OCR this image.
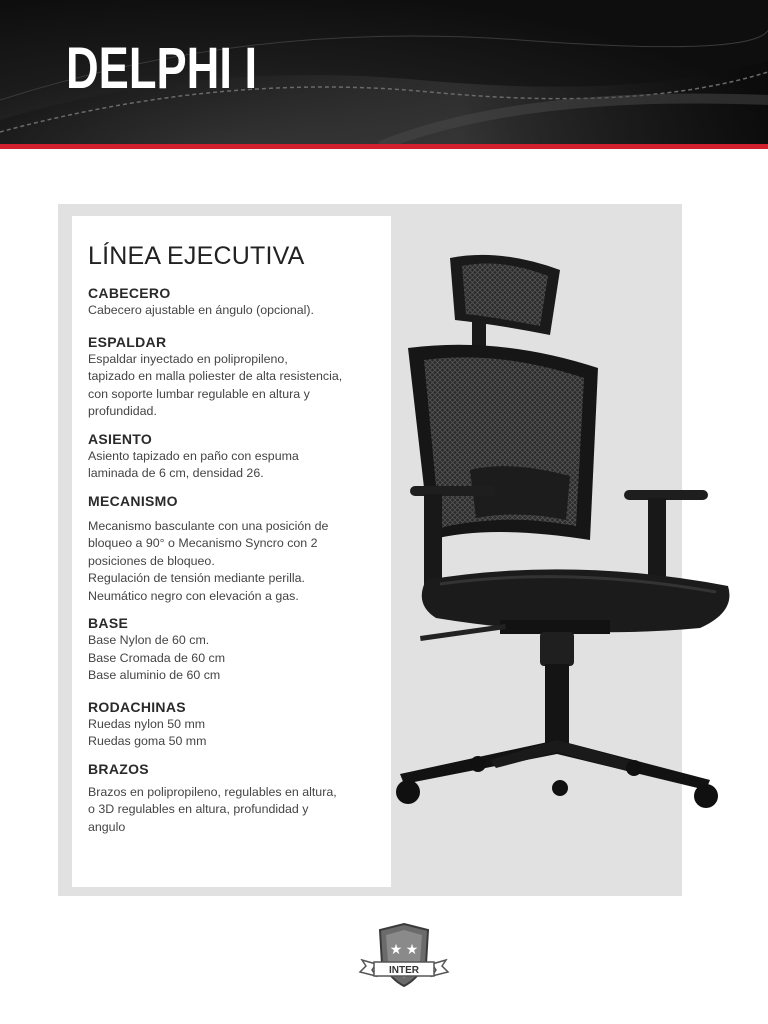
DELPHI I
LÍNEA EJECUTIVA
CABECERO
Cabecero ajustable en ángulo (opcional).
ESPALDAR
Espaldar inyectado en polipropileno,
tapizado en malla poliester de alta resistencia,
con soporte lumbar regulable en altura y
profundidad.
ASIENTO
Asiento tapizado en paño con espuma
laminada de 6 cm, densidad 26.
MECANISMO
Mecanismo basculante con una posición de
bloqueo a 90° o Mecanismo Syncro con 2
posiciones de bloqueo.
Regulación de tensión mediante perilla.
Neumático negro con elevación a gas.
BASE
Base Nylon de 60 cm.
Base Cromada de 60 cm
Base aluminio de 60 cm
RODACHINAS
Ruedas nylon 50 mm
Ruedas goma 50 mm
BRAZOS
Brazos en polipropileno, regulables en altura,
o 3D regulables en altura, profundidad y
angulo
★ ★
INTER
